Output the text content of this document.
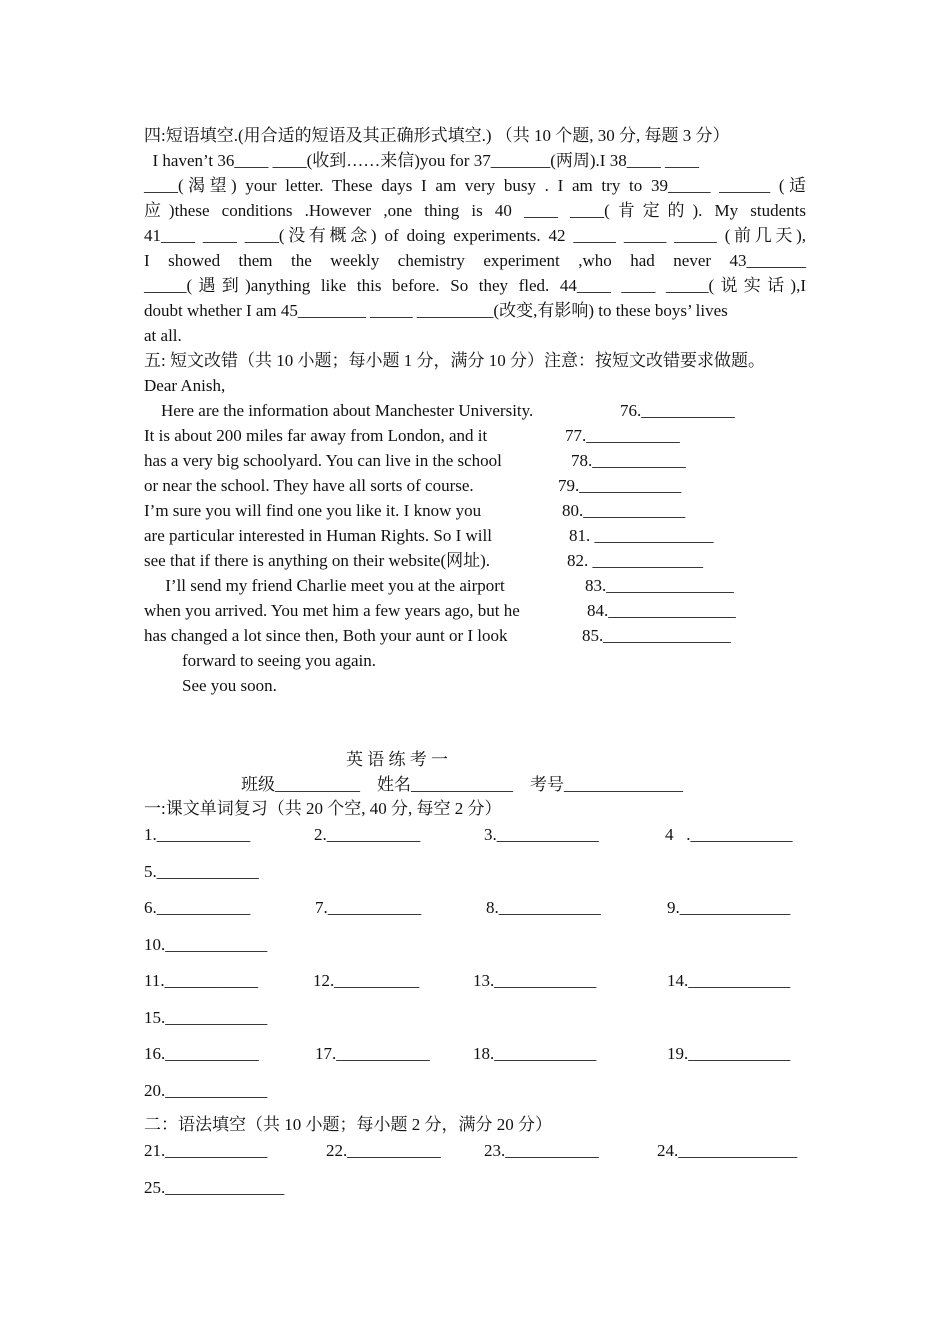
四:短语填空.(用合适的短语及其正确形式填空.) （共 10 个题, 30 分, 每题 3 分）
I haven’t 36____ ____(收到……来信)you for 37_______(两周).I 38____ ____
____(渴望) your letter. These days I am very busy . I am try to 39_____ ______ (适
应)these conditions .However ,one thing is 40 ____ ____(肯定的). My students
41____ ____ ____(没有概念) of doing experiments. 42 _____ _____ _____ (前几天),
I showed them the weekly chemistry experiment ,who had never 43_______
_____(遇到)anything like this before. So they fled. 44____ ____ _____(说实话),I
doubt whether I am 45________ _____ _________(改变,有影响) to these boys’ lives
at all.
五: 短文改错（共 10 小题；每小题 1 分，满分 10 分）注意：按短文改错要求做题。
Dear Anish,
Here are the information about Manchester University.	76.___________
It is about 200 miles far away from London, and it	77.___________
has a very big schoolyard. You can live in the school	78.___________
or near the school. They have all sorts of course.	79.____________
I’m sure you will find one you like it. I know you	80.____________
are particular interested in Human Rights. So I will	81. ______________
see that if there is anything on their website(网址).	82. _____________
I’ll send my friend Charlie meet you at the airport	83._______________
when you arrived. You met him a few years ago, but he	84._______________
has changed a lot since then, Both your aunt or I look	85._______________
forward to seeing you again.
See you soon.
英 语 练 考 一
班级__________    姓名____________    考号______________
一:课文单词复习（共 20 个空, 40 分, 每空 2 分）
1.___________	2.___________	3.____________	4   .____________
5.____________
6.___________	7.___________	8.____________	9._____________
10.____________
11.___________	12.__________	13.____________	14.____________
15.____________
16.___________	17.___________	18.____________	19.____________
20.____________
二：语法填空（共 10 小题；每小题 2 分，满分 20 分）
21.____________	22.___________	23.___________	24.______________
25.______________
